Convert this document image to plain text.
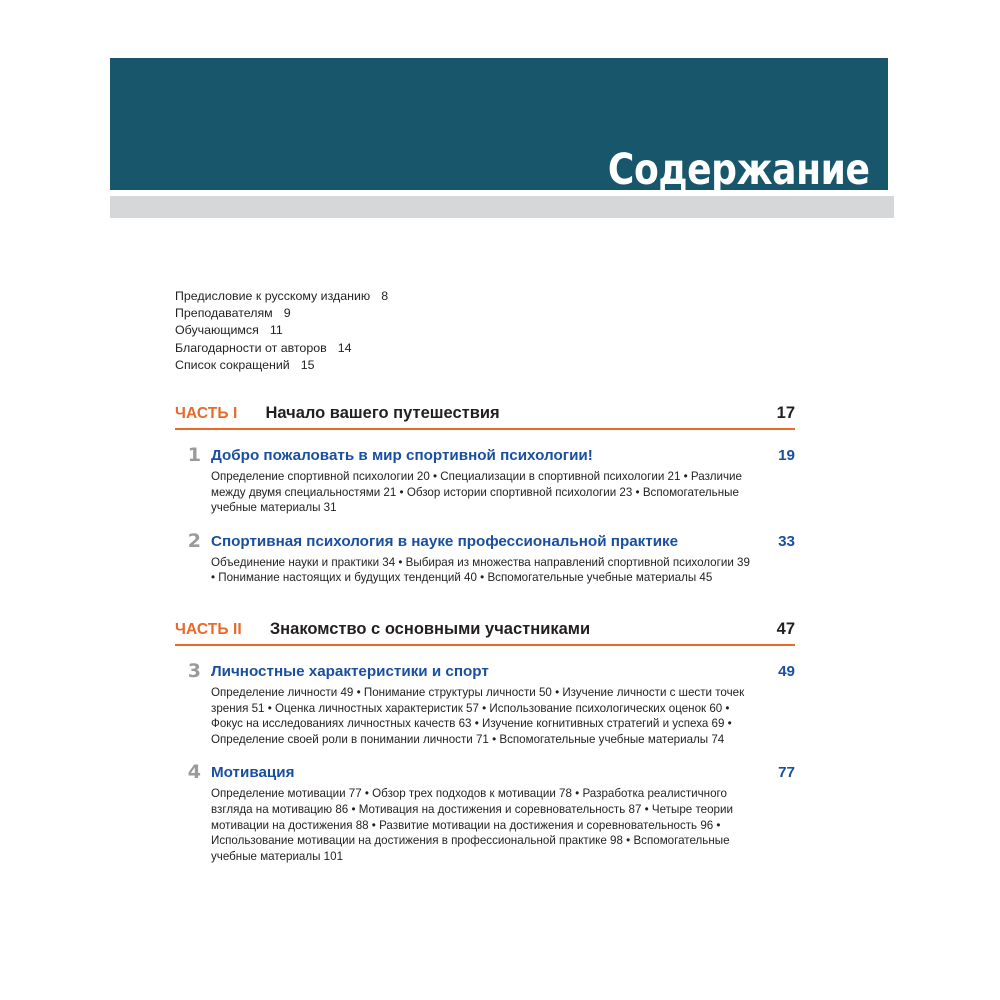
Содержание
Предисловие к русскому изданию 8
Преподавателям 9
Обучающимся 11
Благодарности от авторов 14
Список сокращений 15
ЧАСТЬ I Начало вашего путешествия	17
1 Добро пожаловать в мир спортивной психологии!	19
Определение спортивной психологии 20 • Специализации в спортивной психологии 21 • Различие между двумя специальностями 21 • Обзор истории спортивной психологии 23 • Вспомогательные учебные материалы 31
2 Спортивная психология в науке профессиональной практике	33
Объединение науки и практики 34 • Выбирая из множества направлений спортивной психологии 39 • Понимание настоящих и будущих тенденций 40 • Вспомогательные учебные материалы 45
ЧАСТЬ II Знакомство с основными участниками	47
3 Личностные характеристики и спорт	49
Определение личности 49 • Понимание структуры личности 50 • Изучение личности с шести точек зрения 51 • Оценка личностных характеристик 57 • Использование психологических оценок 60 • Фокус на исследованиях личностных качеств 63 • Изучение когнитивных стратегий и успеха 69 • Определение своей роли в понимании личности 71 • Вспомогательные учебные материалы 74
4 Мотивация	77
Определение мотивации 77 • Обзор трех подходов к мотивации 78 • Разработка реалистичного взгляда на мотивацию 86 • Мотивация на достижения и соревновательность 87 • Четыре теории мотивации на достижения 88 • Развитие мотивации на достижения и соревновательность 96 • Использование мотивации на достижения в профессиональной практике 98 • Вспомогательные учебные материалы 101
